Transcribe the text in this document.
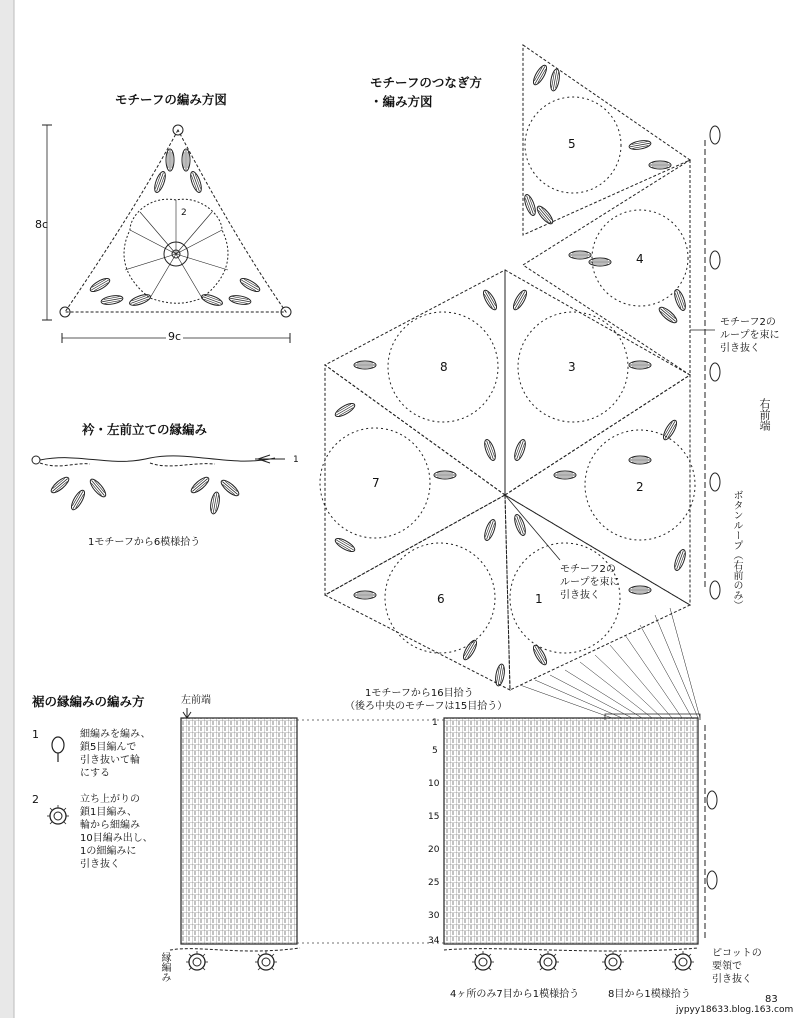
モチーフの編み方図
8c
9c
2
モチーフのつなぎ方
・編み方図
5
4
3
8
7	2
6	1
モチーフ2の
ループを束に
引き抜く
モチーフ2の
ループを束に
引き抜く
右前端
ボタンループ（右前のみ）
1モチーフから16目拾う
（後ろ中央のモチーフは15目拾う）
衿・左前立ての縁編み
1
1モチーフから6模様拾う
裾の縁編みの編み方
1	細編みを編み、
鎖5目編んで
引き抜いて輪
にする
2	立ち上がりの
鎖1目編み、
輪から細編み
10目編み出し、
1の細編みに
引き抜く
左前端
縁編み
1
5
10
15
20
25
30
34
4ヶ所のみ7目から1模様拾う	8目から1模様拾う
ピコットの
要領で
引き抜く
83
jypyy18633.blog.163.com
